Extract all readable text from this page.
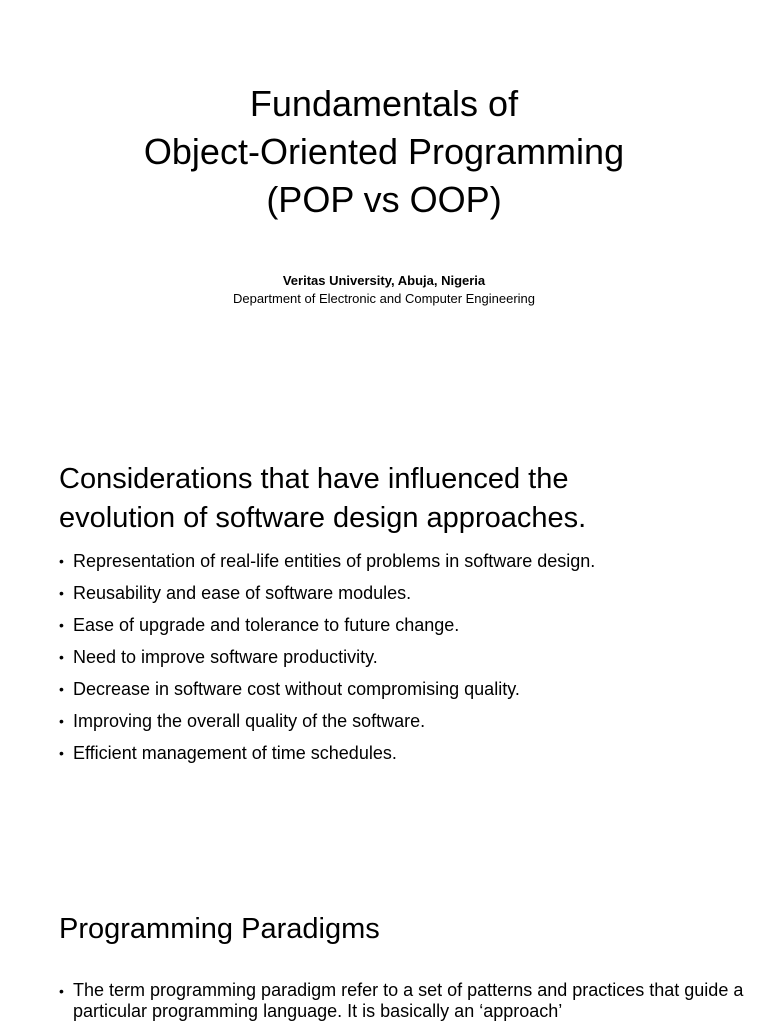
Fundamentals of
Object-Oriented Programming
(POP vs OOP)
Veritas University, Abuja, Nigeria
Department of Electronic and Computer Engineering
Considerations that have influenced the
evolution of software design approaches.
• Representation of real-life entities of problems in software design.
• Reusability and ease of software modules.
• Ease of upgrade and tolerance to future change.
• Need to improve software productivity.
• Decrease in software cost without compromising quality.
• Improving the overall quality of the software.
• Efficient management of time schedules.
Programming Paradigms
• The term programming paradigm refer to a set of patterns and practices that guide a particular programming language. It is basically an ‘approach’
